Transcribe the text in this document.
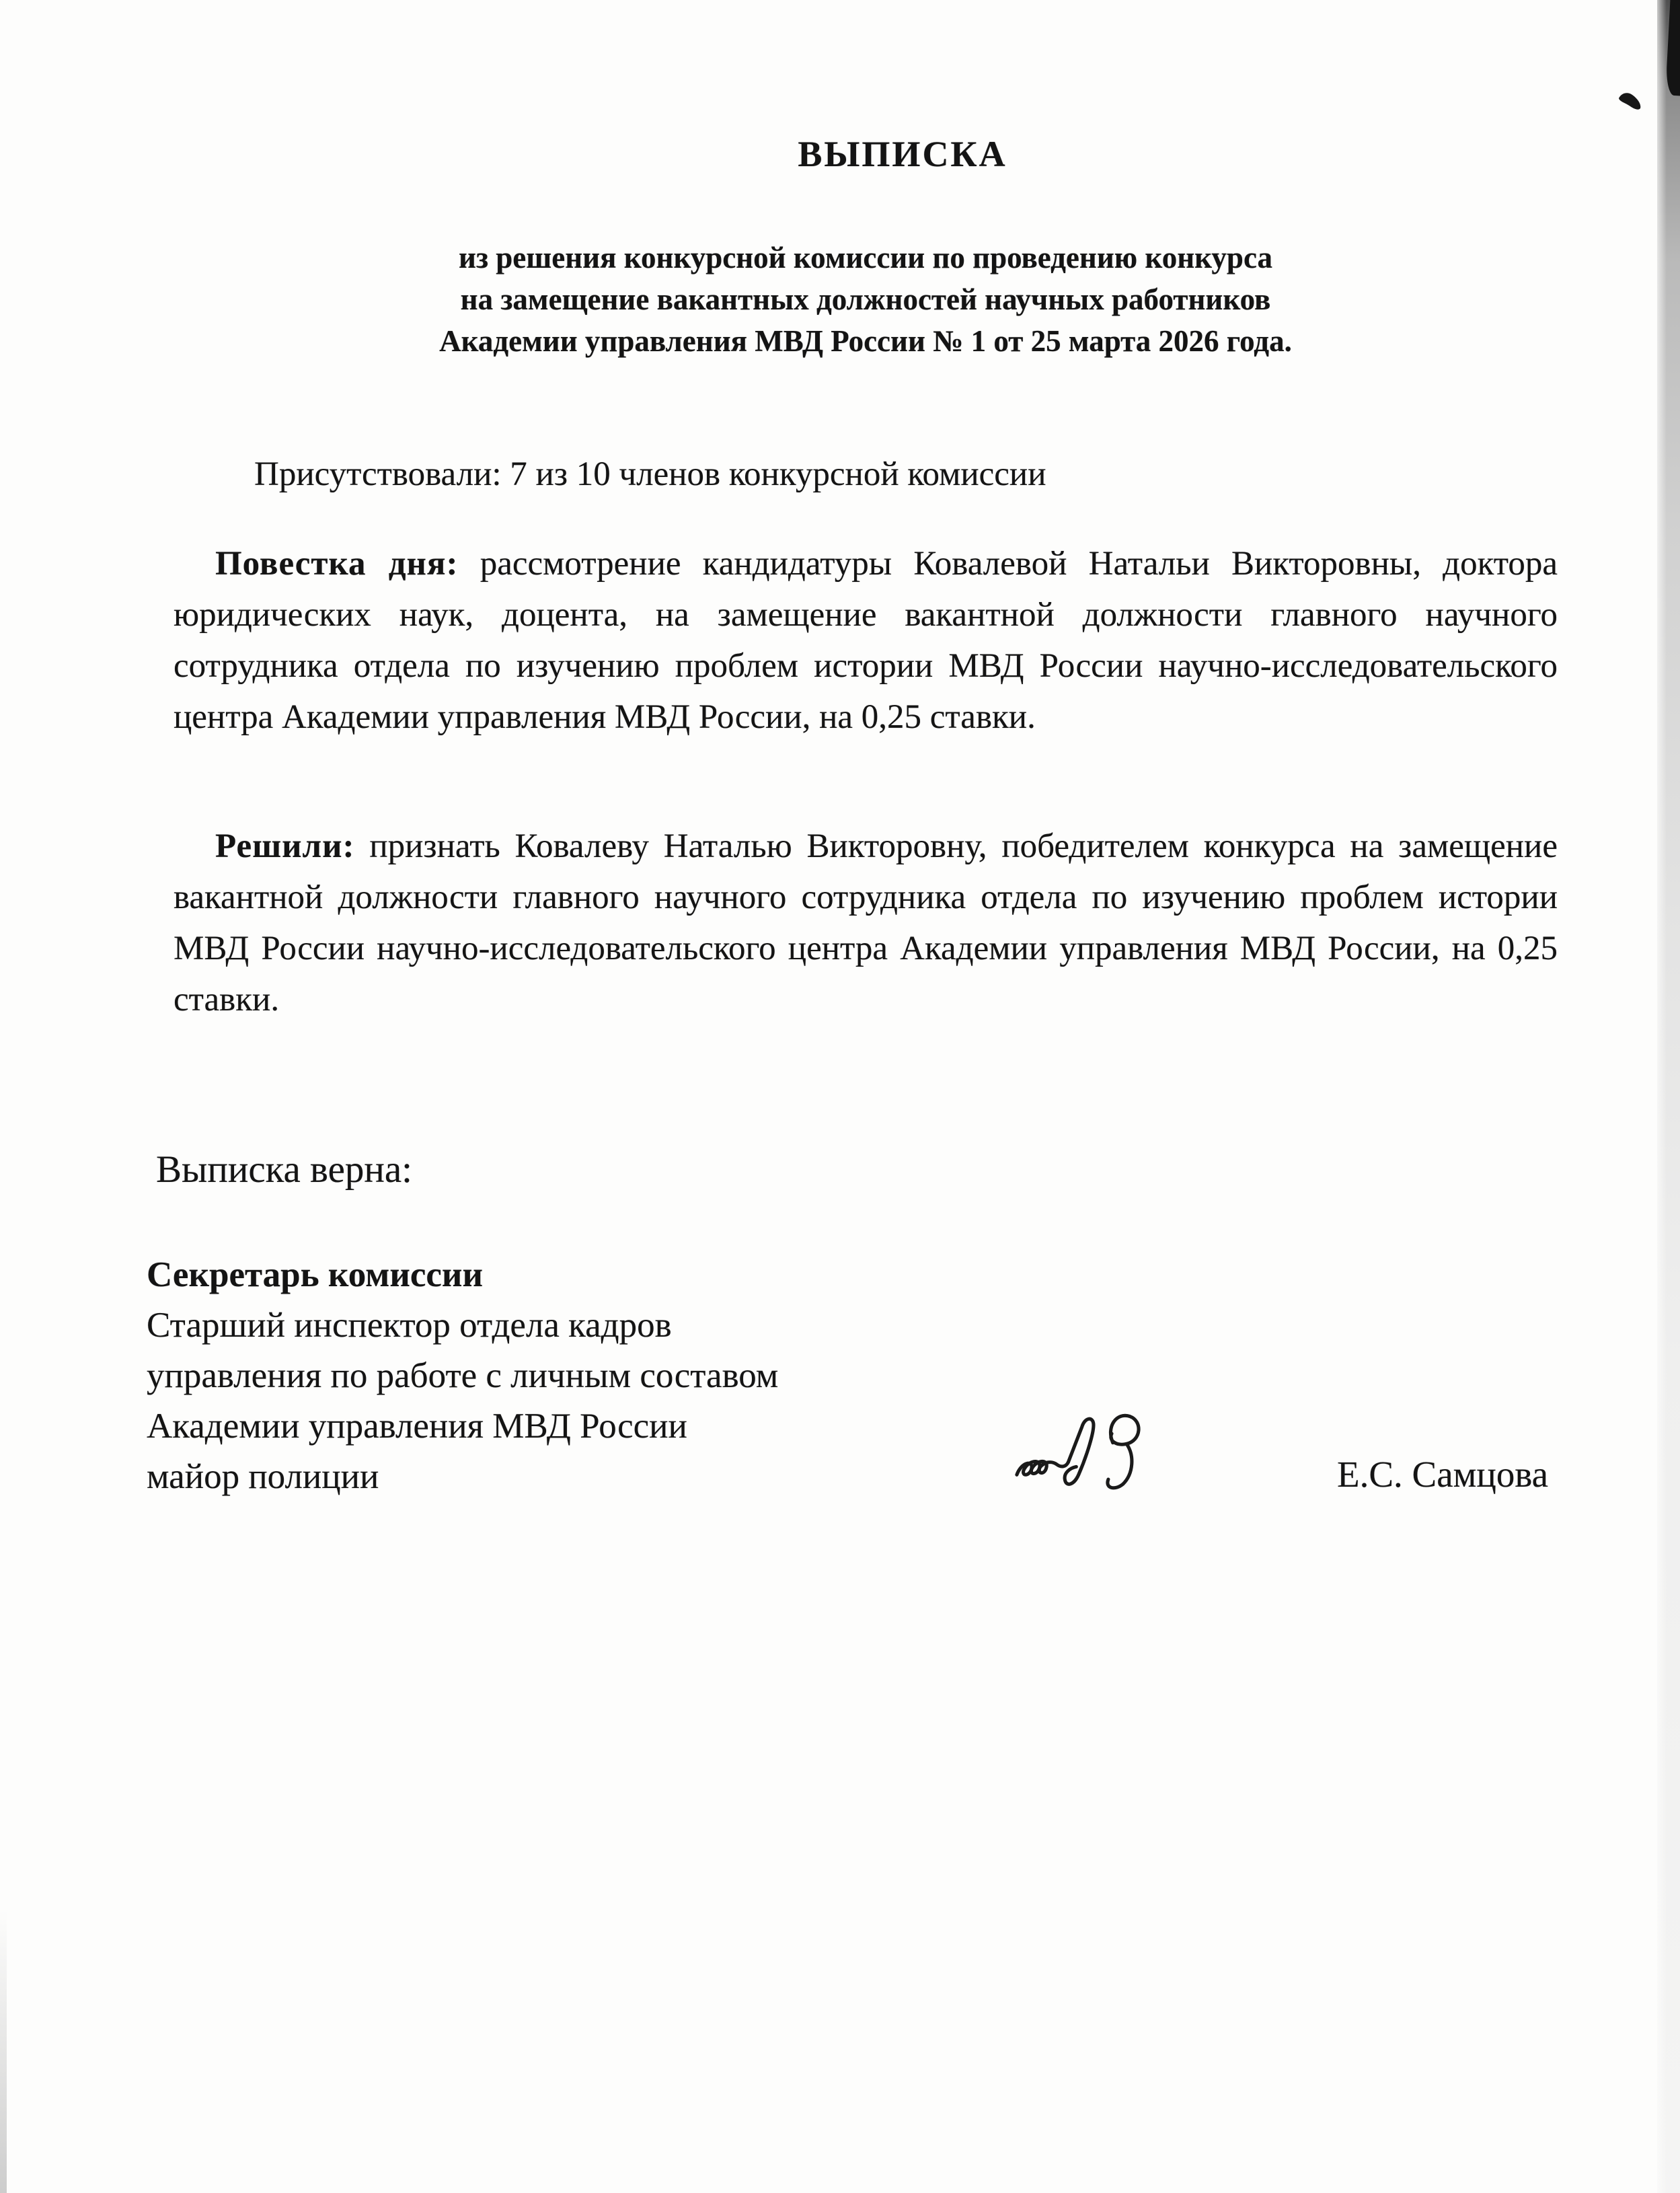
ВЫПИСКА
из решения конкурсной комиссии по проведению конкурса
на замещение вакантных должностей научных работников
Академии управления МВД России № 1 от 25 марта 2026 года.
Присутствовали: 7 из 10 членов конкурсной комиссии

Повестка дня: рассмотрение кандидатуры Ковалевой Натальи Викторовны, доктора юридических наук, доцента, на замещение вакантной должности главного научного сотрудника отдела по изучению проблем истории МВД России научно-исследовательского центра Академии управления МВД России, на 0,25 ставки.

Решили: признать Ковалеву Наталью Викторовну, победителем конкурса на замещение вакантной должности главного научного сотрудника отдела по изучению проблем истории МВД России научно-исследовательского центра Академии управления МВД России, на 0,25 ставки.

Выписка верна:
Секретарь комиссии
Старший инспектор отдела кадров
управления по работе с личным составом
Академии управления МВД России
майор полиции	Е.С. Самцова
